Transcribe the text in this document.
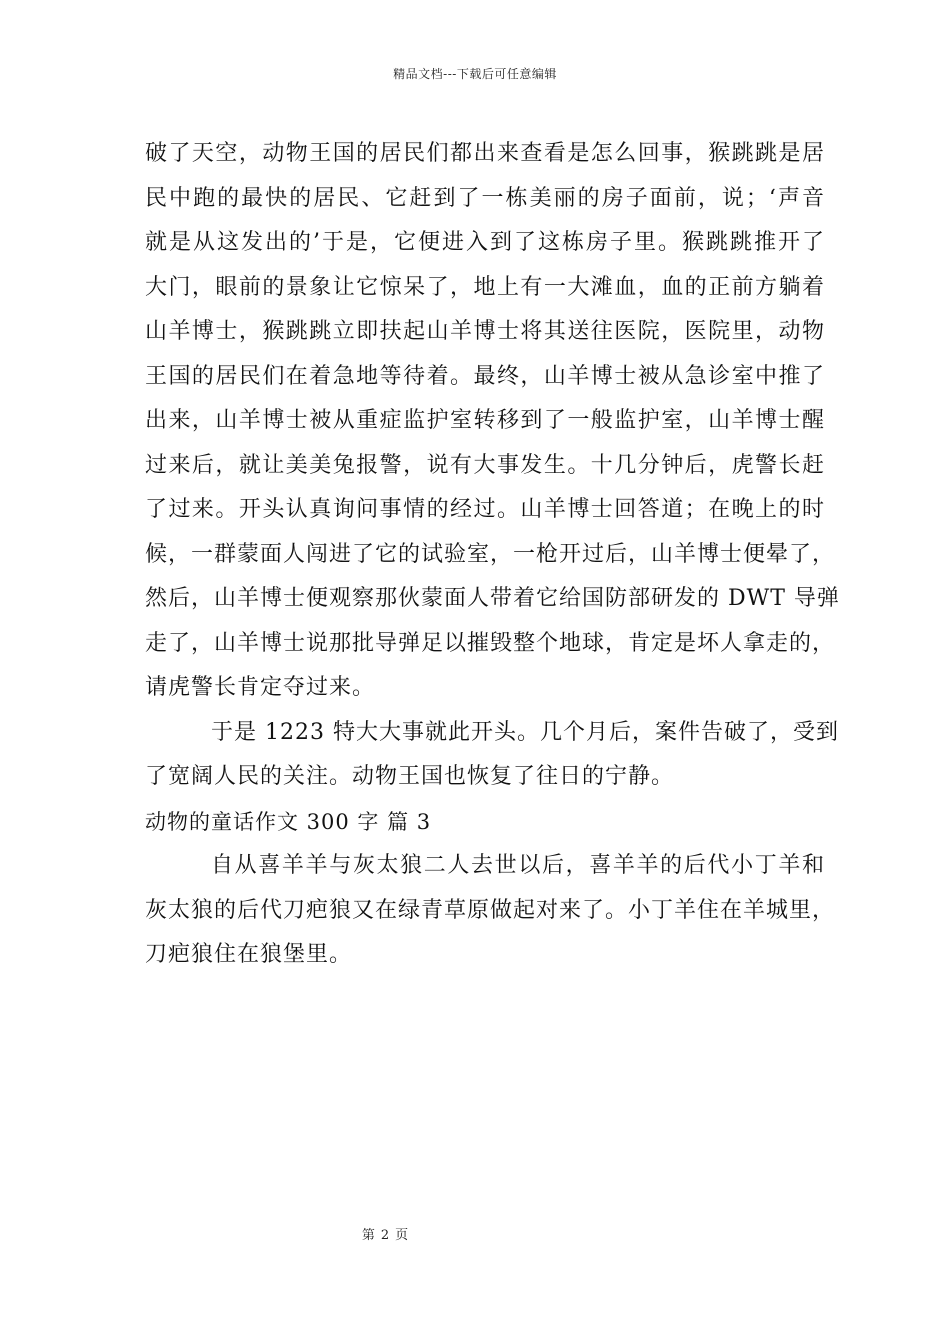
精品文档---下载后可任意编辑
破了天空，动物王国的居民们都出来查看是怎么回事，猴跳跳是居
民中跑的最快的居民、它赶到了一栋美丽的房子面前，说；‘声音
就是从这发出的’于是，它便进入到了这栋房子里。猴跳跳推开了
大门，眼前的景象让它惊呆了，地上有一大滩血，血的正前方躺着
山羊博士，猴跳跳立即扶起山羊博士将其送往医院，医院里，动物
王国的居民们在着急地等待着。最终，山羊博士被从急诊室中推了
出来，山羊博士被从重症监护室转移到了一般监护室，山羊博士醒
过来后，就让美美兔报警，说有大事发生。十几分钟后，虎警长赶
了过来。开头认真询问事情的经过。山羊博士回答道；在晚上的时
候，一群蒙面人闯进了它的试验室，一枪开过后，山羊博士便晕了，
然后，山羊博士便观察那伙蒙面人带着它给国防部研发的 DWT 导弹
走了，山羊博士说那批导弹足以摧毁整个地球，肯定是坏人拿走的，
请虎警长肯定夺过来。
于是 1223 特大大事就此开头。几个月后，案件告破了，受到
了宽阔人民的关注。动物王国也恢复了往日的宁静。
动物的童话作文 300 字 篇 3
自从喜羊羊与灰太狼二人去世以后，喜羊羊的后代小丁羊和
灰太狼的后代刀疤狼又在绿青草原做起对来了。小丁羊住在羊城里，
刀疤狼住在狼堡里。
第 2 页
